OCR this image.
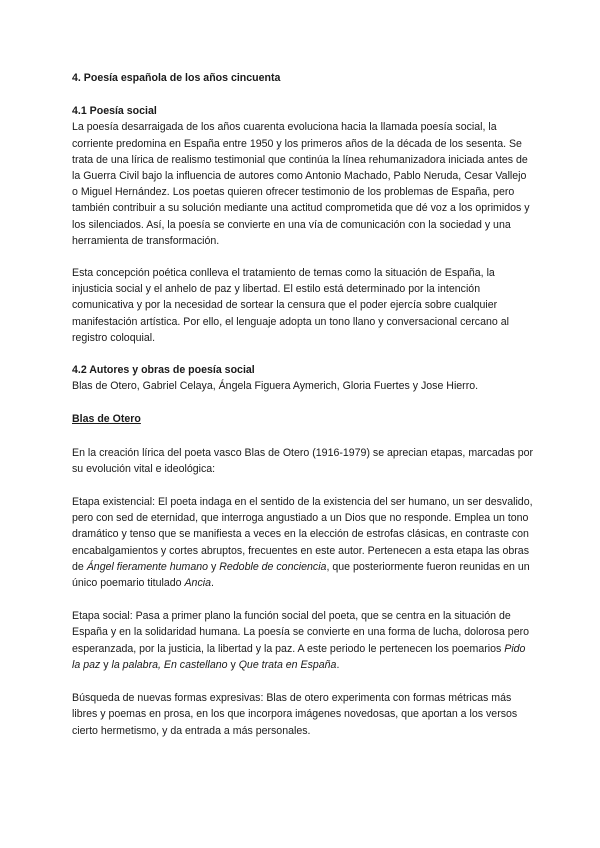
4. Poesía española de los años cincuenta

4.1 Poesía social

La poesía desarraigada de los años cuarenta evoluciona hacia la llamada poesía social, la corriente predomina en España entre 1950 y los primeros años de la década de los sesenta. Se trata de una lírica de realismo testimonial que continúa la línea rehumanizadora iniciada antes de la Guerra Civil bajo la influencia de autores como Antonio Machado, Pablo Neruda, Cesar Vallejo o Miguel Hernández. Los poetas quieren ofrecer testimonio de los problemas de España, pero también contribuir a su solución mediante una actitud comprometida que dé voz a los oprimidos y los silenciados. Así, la poesía se convierte en una vía de comunicación con la sociedad y una herramienta de transformación.

Esta concepción poética conlleva el tratamiento de temas como la situación de España, la injusticia social y el anhelo de paz y libertad. El estilo está determinado por la intención comunicativa y por la necesidad de sortear la censura que el poder ejercía sobre cualquier manifestación artística. Por ello, el lenguaje adopta un tono llano y conversacional cercano al registro coloquial.

4.2 Autores y obras de poesía social

Blas de Otero, Gabriel Celaya, Ángela Figuera Aymerich, Gloria Fuertes y Jose Hierro.

Blas de Otero

En la creación lírica del poeta vasco Blas de Otero (1916-1979) se aprecian etapas, marcadas por su evolución vital e ideológica:

Etapa existencial: El poeta indaga en el sentido de la existencia del ser humano, un ser desvalido, pero con sed de eternidad, que interroga angustiado a un Dios que no responde. Emplea un tono dramático y tenso que se manifiesta a veces en la elección de estrofas clásicas, en contraste con encabalgamientos y cortes abruptos, frecuentes en este autor. Pertenecen a esta etapa las obras de Ángel fieramente humano y Redoble de conciencia, que posteriormente fueron reunidas en un único poemario titulado Ancia.

Etapa social: Pasa a primer plano la función social del poeta, que se centra en la situación de España y en la solidaridad humana. La poesía se convierte en una forma de lucha, dolorosa pero esperanzada, por la justicia, la libertad y la paz. A este periodo le pertenecen los poemarios Pido la paz y la palabra, En castellano y Que trata en España.

Búsqueda de nuevas formas expresivas: Blas de otero experimenta con formas métricas más libres y poemas en prosa, en los que incorpora imágenes novedosas, que aportan a los versos cierto hermetismo, y da entrada a más personales.
